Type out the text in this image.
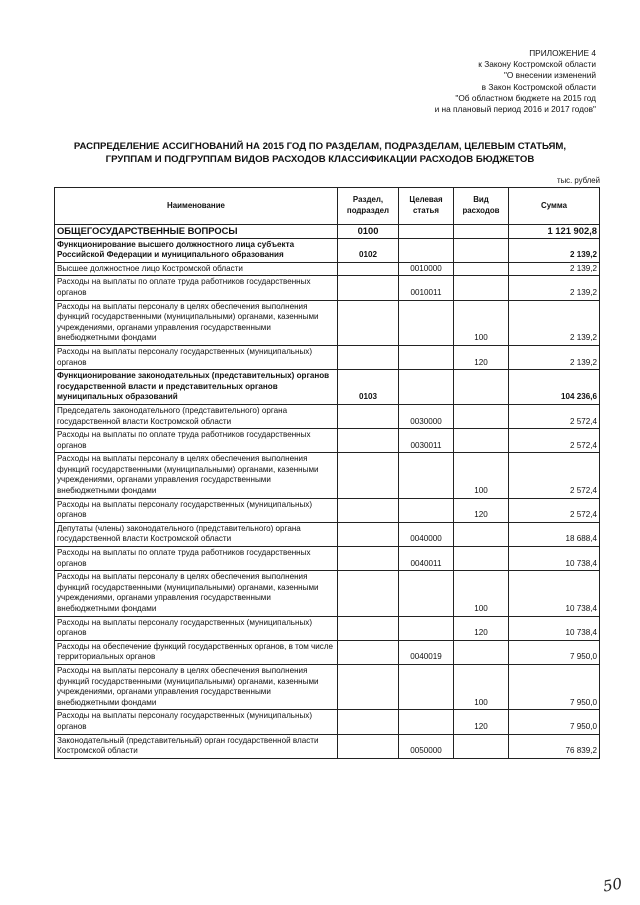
ПРИЛОЖЕНИЕ 4
к Закону Костромской области
"О внесении изменений
в Закон Костромской области
"Об областном бюджете на 2015 год
и на плановый период 2016 и 2017 годов"
РАСПРЕДЕЛЕНИЕ АССИГНОВАНИЙ НА 2015 ГОД ПО РАЗДЕЛАМ, ПОДРАЗДЕЛАМ, ЦЕЛЕВЫМ СТАТЬЯМ,
ГРУППАМ И ПОДГРУППАМ ВИДОВ РАСХОДОВ КЛАССИФИКАЦИИ РАСХОДОВ БЮДЖЕТОВ
тыс. рублей
Наименование	Раздел, подраздел	Целевая статья	Вид расходов	Сумма
ОБЩЕГОСУДАРСТВЕННЫЕ ВОПРОСЫ	0100			1 121 902,8
Функционирование высшего должностного лица субъекта Российской Федерации и муниципального образования	0102			2 139,2
Высшее должностное лицо Костромской области		0010000		2 139,2
Расходы на выплаты по оплате труда работников государственных органов		0010011		2 139,2
Расходы на выплаты персоналу в целях обеспечения выполнения функций государственными (муниципальными) органами, казенными учреждениями, органами управления государственными внебюджетными фондами			100	2 139,2
Расходы на выплаты персоналу государственных (муниципальных) органов			120	2 139,2
Функционирование законодательных (представительных) органов государственной власти и представительных органов муниципальных образований	0103			104 236,6
Председатель законодательного (представительного) органа государственной власти Костромской области		0030000		2 572,4
Расходы на выплаты по оплате труда работников государственных органов		0030011		2 572,4
Расходы на выплаты персоналу в целях обеспечения выполнения функций государственными (муниципальными) органами, казенными учреждениями, органами управления государственными внебюджетными фондами			100	2 572,4
Расходы на выплаты персоналу государственных (муниципальных) органов			120	2 572,4
Депутаты (члены) законодательного (представительного) органа государственной власти Костромской области		0040000		18 688,4
Расходы на выплаты по оплате труда работников государственных органов		0040011		10 738,4
Расходы на выплаты персоналу в целях обеспечения выполнения функций государственными (муниципальными) органами, казенными учреждениями, органами управления государственными внебюджетными фондами			100	10 738,4
Расходы на выплаты персоналу государственных (муниципальных) органов			120	10 738,4
Расходы на обеспечение функций государственных органов, в том числе территориальных органов		0040019		7 950,0
Расходы на выплаты персоналу в целях обеспечения выполнения функций государственными (муниципальными) органами, казенными учреждениями, органами управления государственными внебюджетными фондами			100	7 950,0
Расходы на выплаты персоналу государственных (муниципальных) органов			120	7 950,0
Законодательный (представительный) орган государственной власти Костромской области		0050000		76 839,2
50
